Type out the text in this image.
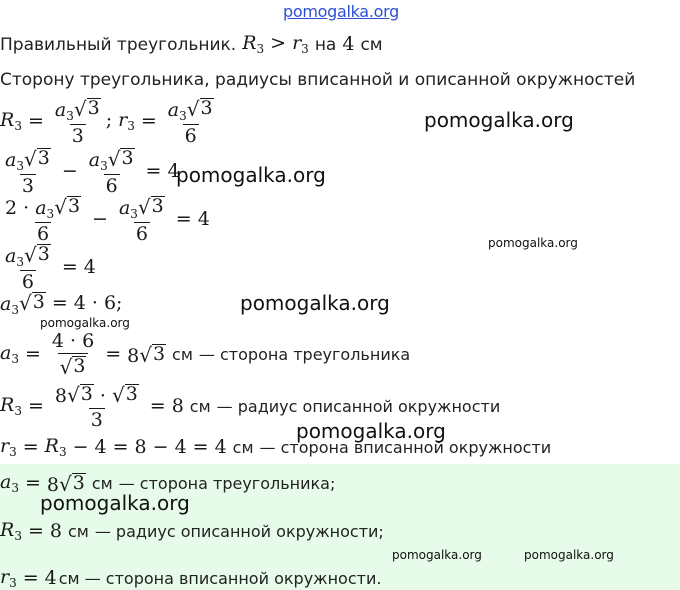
pomogalka.org
Правильный треугольник. $R_3 > r_3$ на 4 см
Сторону треугольника, радиусы вписанной и описанной окружностей
$R_3 = \frac{a_3 √ 3}{3}$ ; $r_3 = \frac{a_3 √ 3}{6}$
$\frac{a_3 √ 3}{3} - \frac{a_3 √ 3}{6} = 4$
$\frac{2 \cdot a_3 √ 3}{6} - \frac{a_3 √ 3}{6} = 4$
$\frac{a_3 √ 3}{6} = 4$
$a_3$ √ 3 = 4 · 6;
$a_3 = \frac{4 \cdot 6}{√ 3} = 8$ √ 3 см — сторона треугольника
$R_3 = \frac{8 √ 3 \cdot √ 3}{3} = 8$ см — радиус описанной окружности
$r_3 = R_3 - 4 = 8 - 4 = 4$ см — сторона вписанной окружности
$a_3 = 8$ √ 3 см — сторона треугольника;
$R_3 = 8$ см — радиус описанной окружности;
$r_3 = 4$ см — сторона вписанной окружности.
pomogalka.org
pomogalka.org
pomogalka.org
pomogalka.org
pomogalka.org
pomogalka.org
pomogalka.org
pomogalka.org	pomogalka.org
